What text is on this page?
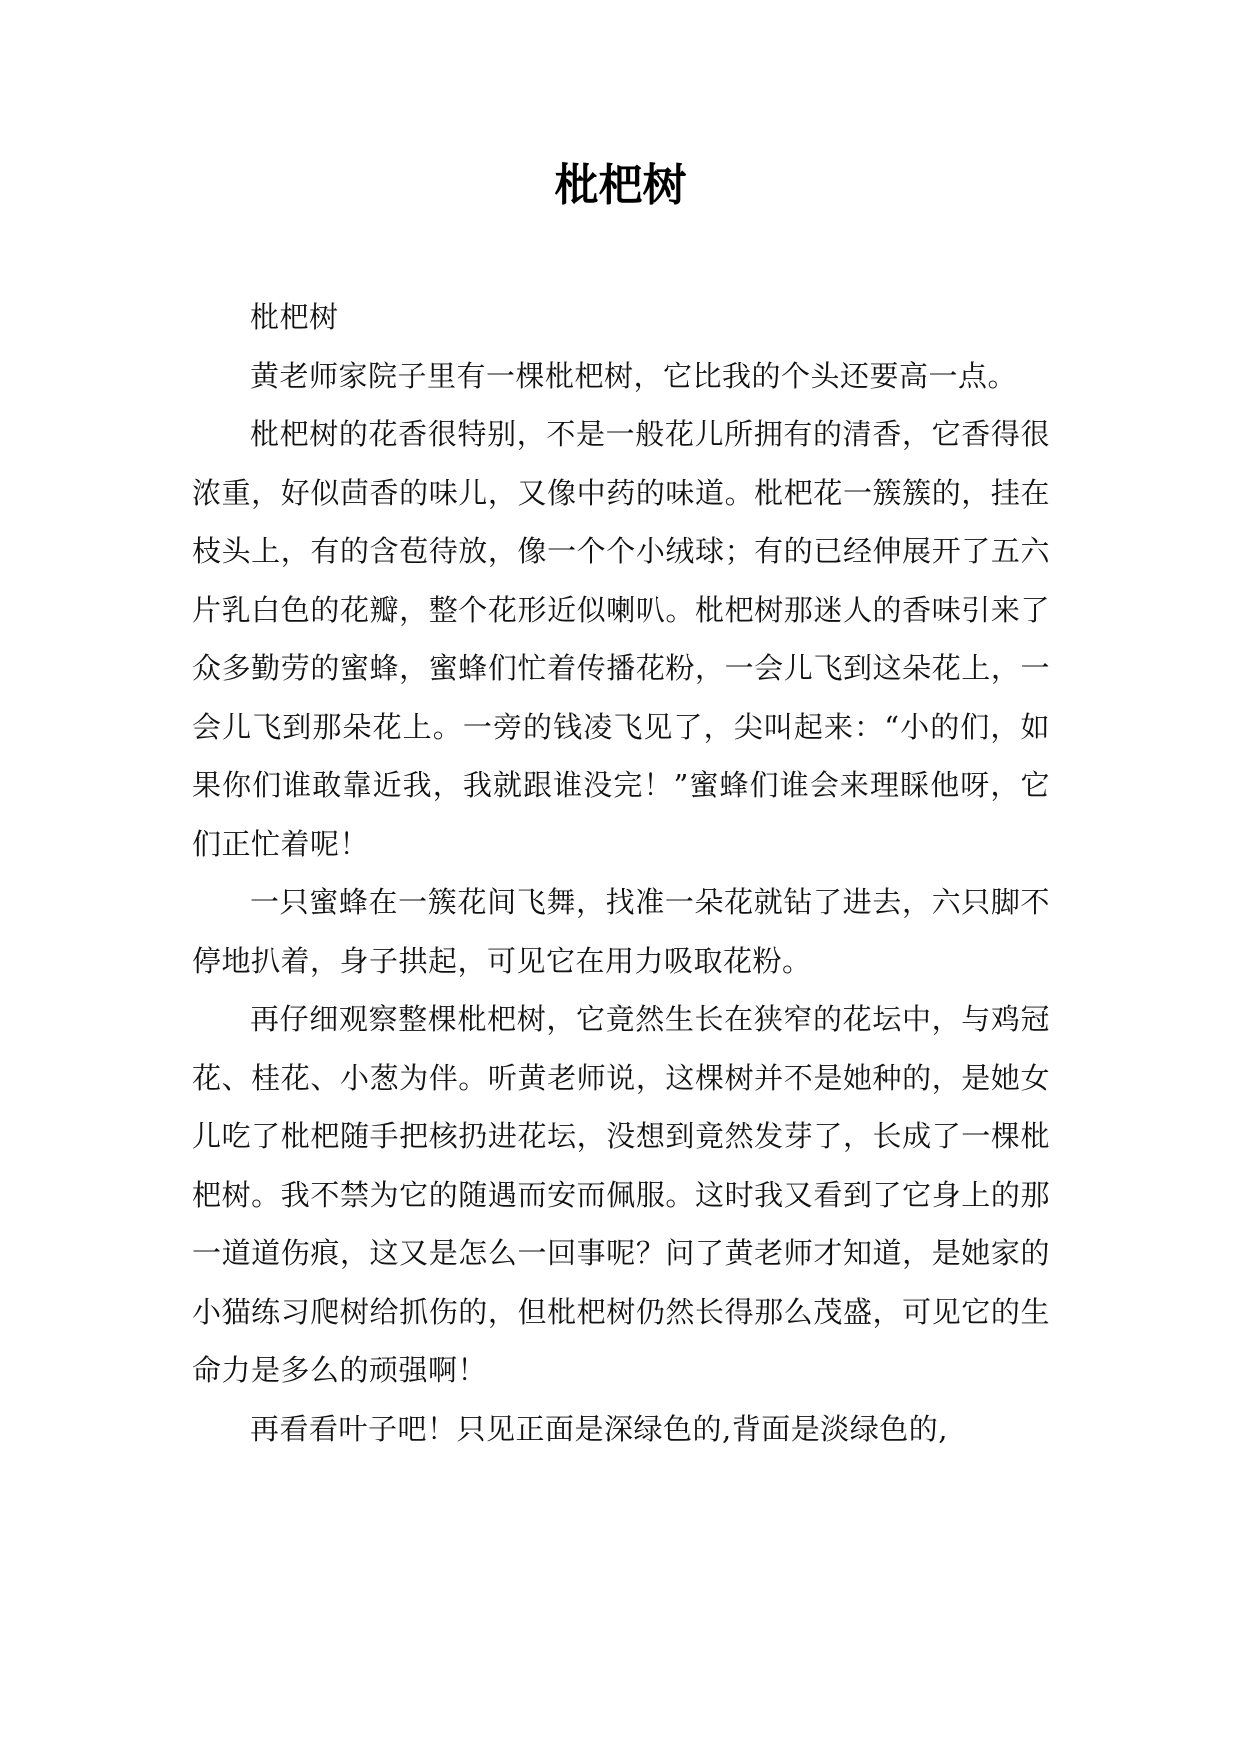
枇杷树

枇杷树

黄老师家院子里有一棵枇杷树，它比我的个头还要高一点。

枇杷树的花香很特别，不是一般花儿所拥有的清香，它香得很浓重，好似茴香的味儿，又像中药的味道。枇杷花一簇簇的，挂在枝头上，有的含苞待放，像一个个小绒球；有的已经伸展开了五六片乳白色的花瓣，整个花形近似喇叭。枇杷树那迷人的香味引来了众多勤劳的蜜蜂，蜜蜂们忙着传播花粉，一会儿飞到这朵花上，一会儿飞到那朵花上。一旁的钱凌飞见了，尖叫起来：“小的们，如果你们谁敢靠近我，我就跟谁没完！”蜜蜂们谁会来理睬他呀，它们正忙着呢！

一只蜜蜂在一簇花间飞舞，找准一朵花就钻了进去，六只脚不停地扒着，身子拱起，可见它在用力吸取花粉。

再仔细观察整棵枇杷树，它竟然生长在狭窄的花坛中，与鸡冠花、桂花、小葱为伴。听黄老师说，这棵树并不是她种的，是她女儿吃了枇杷随手把核扔进花坛，没想到竟然发芽了，长成了一棵枇杷树。我不禁为它的随遇而安而佩服。这时我又看到了它身上的那一道道伤痕，这又是怎么一回事呢？问了黄老师才知道，是她家的小猫练习爬树给抓伤的，但枇杷树仍然长得那么茂盛，可见它的生命力是多么的顽强啊！

再看看叶子吧！只见正面是深绿色的,背面是淡绿色的,
